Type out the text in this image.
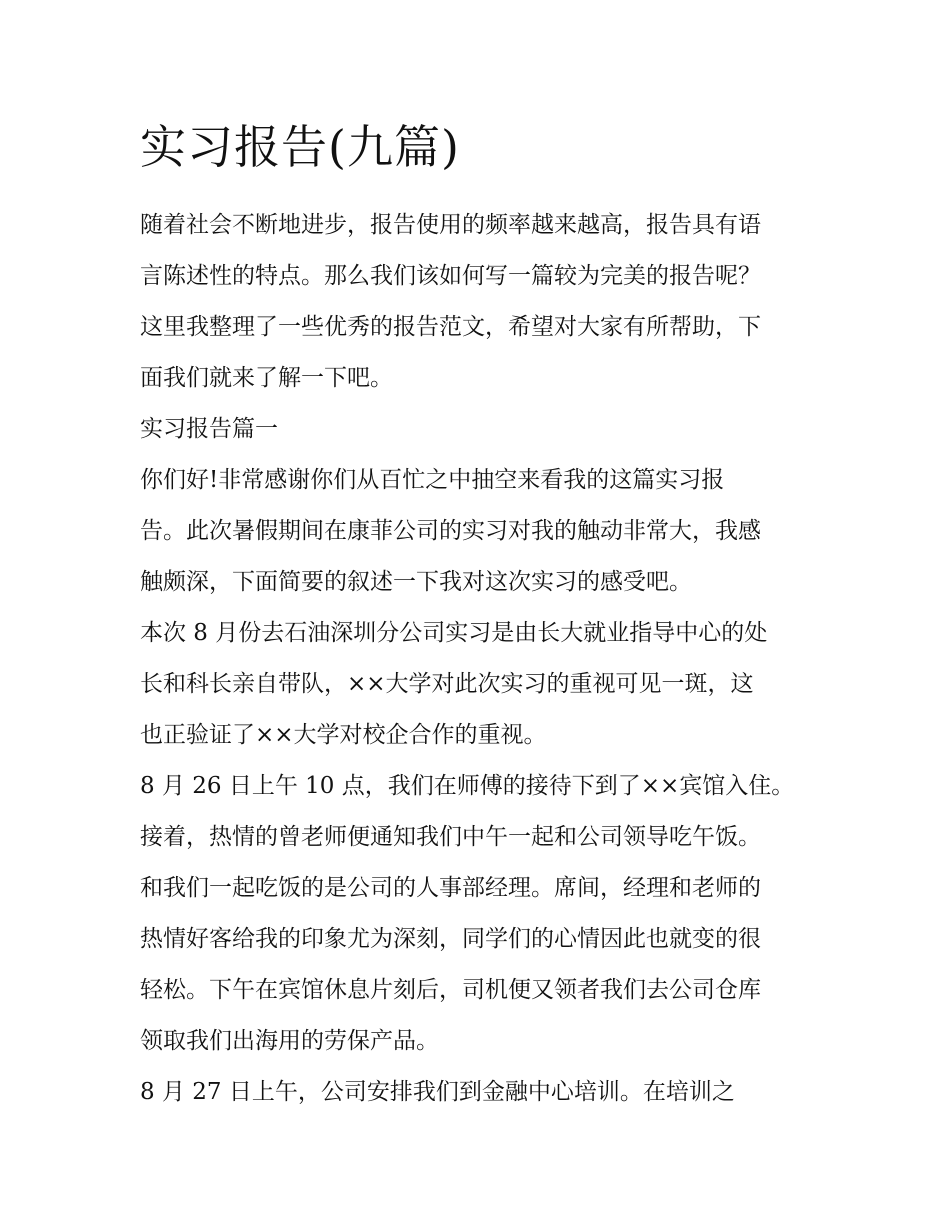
实习报告(九篇)

随着社会不断地进步，报告使用的频率越来越高，报告具有语
言陈述性的特点。那么我们该如何写一篇较为完美的报告呢？
这里我整理了一些优秀的报告范文，希望对大家有所帮助，下
面我们就来了解一下吧。

实习报告篇一

你们好!非常感谢你们从百忙之中抽空来看我的这篇实习报
告。此次暑假期间在康菲公司的实习对我的触动非常大，我感
触颇深，下面简要的叙述一下我对这次实习的感受吧。

本次 8 月份去石油深圳分公司实习是由长大就业指导中心的处
长和科长亲自带队，××大学对此次实习的重视可见一斑，这
也正验证了××大学对校企合作的重视。

8 月 26 日上午 10 点，我们在师傅的接待下到了××宾馆入住。
接着，热情的曾老师便通知我们中午一起和公司领导吃午饭。
和我们一起吃饭的是公司的人事部经理。席间，经理和老师的
热情好客给我的印象尤为深刻，同学们的心情因此也就变的很
轻松。下午在宾馆休息片刻后，司机便又领者我们去公司仓库
领取我们出海用的劳保产品。

8 月 27 日上午，公司安排我们到金融中心培训。在培训之
